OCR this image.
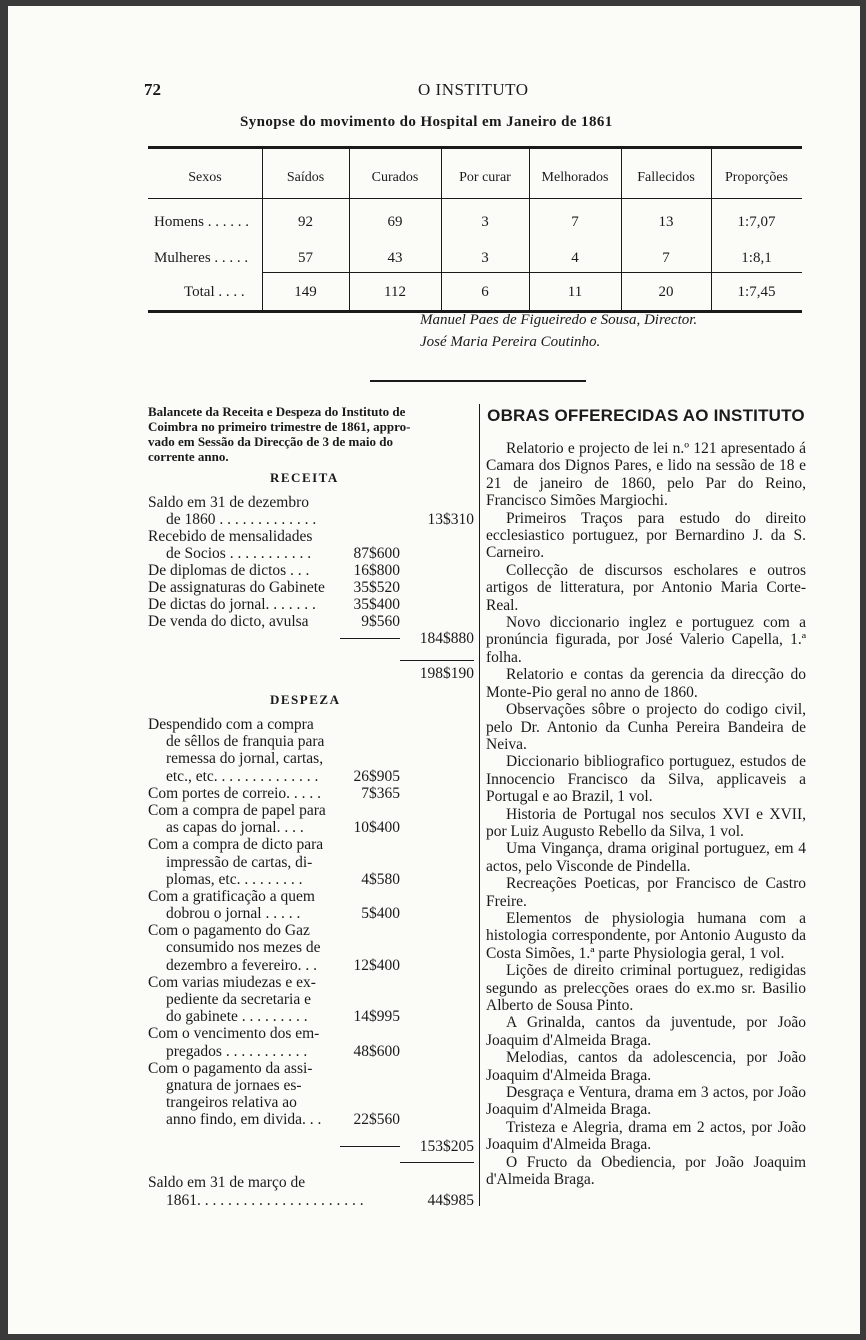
72	O INSTITUTO
Synopse do movimento do Hospital em Janeiro de 1861
Sexos	Saídos	Curados	Por curar	Melhorados	Fallecidos	Proporções
Homens . . . . . .	92	69	3	7	13	1:7,07
Mulheres . . . . .	57	43	3	4	7	1:8,1
Total . . . .	149	112	6	11	20	1:7,45
Manuel Paes de Figueiredo e Sousa, Director.
José Maria Pereira Coutinho.
Balancete da Receita e Despeza do Instituto de
Coimbra no primeiro trimestre de 1861, appro-
vado em Sessão da Direcção de 3 de maio do
corrente anno.
RECEITA
Saldo em 31 de dezembro
de 1860 . . . . . . . . . . . . .	13$310
Recebido de mensalidades
de Socios . . . . . . . . . . .	87$600
De diplomas de dictos . . .	16$800
De assignaturas do Gabinete 35$520
De dictas do jornal. . . . . . . 35$400
De venda do dicto, avulsa	9$560
184$880
198$190
DESPEZA
Despendido com a compra
de sêllos de franquia para
remessa do jornal, cartas,
etc., etc. . . . . . . . . . . . . . 26$905
Com portes de correio. . . . .	7$365
Com a compra de papel para
as capas do jornal. . . .	10$400
Com a compra de dicto para
impressão de cartas, di-
plomas, etc. . . . . . . . .	4$580
Com a gratificação a quem
dobrou o jornal . . . . .	5$400
Com o pagamento do Gaz
consumido nos mezes de
dezembro a fevereiro. . . 12$400
Com varias miudezas e ex-
pediente da secretaria e
do gabinete . . . . . . . . .	14$995
Com o vencimento dos em-
pregados . . . . . . . . . . .	48$600
Com o pagamento da assi-
gnatura de jornaes es-
trangeiros relativa ao
anno findo, em divida. . . 22$560
153$205
Saldo em 31 de março de
1861. . . . . . . . . . . . . . . . . . . . . .	44$985
OBRAS OFFERECIDAS AO INSTITUTO

Relatorio e projecto de lei n.º 121 apresentado á Camara dos Dignos Pares, e lido na sessão de 18 e 21 de janeiro de 1860, pelo Par do Reino, Francisco Simões Margiochi.

Primeiros Traços para estudo do direito ecclesiastico portuguez, por Bernardino J. da S. Carneiro.

Collecção de discursos escholares e outros artigos de litteratura, por Antonio Maria Corte-Real.

Novo diccionario inglez e portuguez com a pronúncia figurada, por José Valerio Capella, 1.ª folha.

Relatorio e contas da gerencia da direcção do Monte-Pio geral no anno de 1860.

Observações sôbre o projecto do codigo civil, pelo Dr. Antonio da Cunha Pereira Bandeira de Neiva.

Diccionario bibliografico portuguez, estudos de Innocencio Francisco da Silva, applicaveis a Portugal e ao Brazil, 1 vol.

Historia de Portugal nos seculos XVI e XVII, por Luiz Augusto Rebello da Silva, 1 vol.

Uma Vingança, drama original portuguez, em 4 actos, pelo Visconde de Pindella.

Recreações Poeticas, por Francisco de Castro Freire.

Elementos de physiologia humana com a histologia correspondente, por Antonio Augusto da Costa Simões, 1.ª parte Physiologia geral, 1 vol.

Lições de direito criminal portuguez, redigidas segundo as prelecções oraes do ex.mo sr. Basilio Alberto de Sousa Pinto.

A Grinalda, cantos da juventude, por João Joaquim d'Almeida Braga.

Melodias, cantos da adolescencia, por João Joaquim d'Almeida Braga.

Desgraça e Ventura, drama em 3 actos, por João Joaquim d'Almeida Braga.

Tristeza e Alegria, drama em 2 actos, por João Joaquim d'Almeida Braga.

O Fructo da Obediencia, por João Joaquim d'Almeida Braga.
